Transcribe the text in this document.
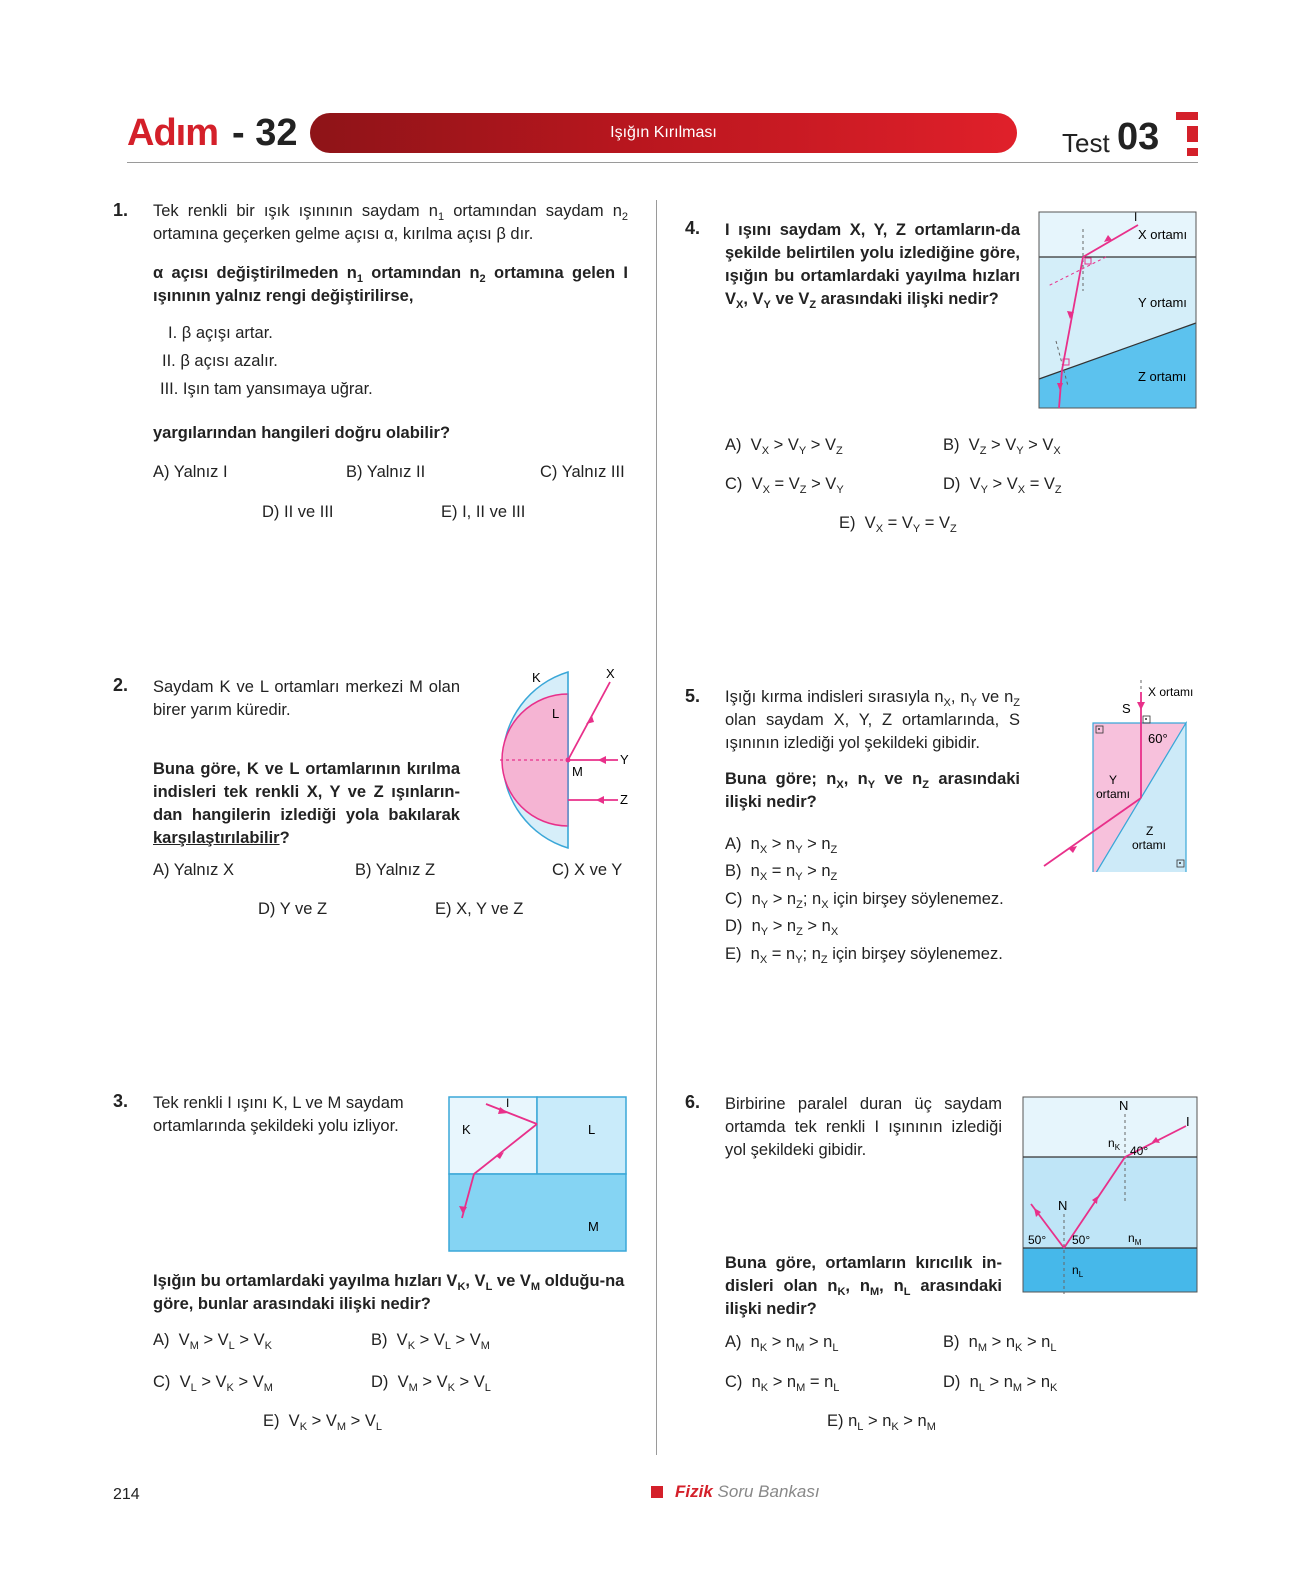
Adım - 32	Işığın Kırılması	Test 03
1. Tek renkli bir ışık ışınının saydam $n_1$ ortamından saydam $n_2$ ortamına geçerken gelme açısı α, kırılma açısı β dır.
α açısı değiştirilmeden $n_1$ ortamından $n_2$ ortamına gelen I ışınının yalnız rengi değiştirilirse,
I. β açışı artar.
II. β açısı azalır.
III. Işın tam yansımaya uğrar.
yargılarından hangileri doğru olabilir?
A) Yalnız I	B) Yalnız II	C) Yalnız III
D) II ve III	E) I, II ve III
2. Saydam K ve L ortamları merkezi M olan birer yarım küredir.
Buna göre, K ve L ortamlarının kırılma indisleri tek renkli X, Y ve Z ışınların-dan hangilerin izlediği yola bakılarak karşılaştırılabilir?
K
L
M
X
Y
Z
A) Yalnız X	B) Yalnız Z	C) X ve Y
D) Y ve Z	E) X, Y ve Z
3. Tek renkli I ışını K, L ve M saydam ortamlarında şekildeki yolu izliyor.
I
K	L
M
Işığın bu ortamlardaki yayılma hızları $V_K$, $V_L$ ve $V_M$ olduğu-na göre, bunlar arasındaki ilişki nedir?
A)  $V_M > V_L > V_K$	B)  $V_K > V_L > V_M$
C)  $V_L > V_K > V_M$	D)  $V_M > V_K > V_L$
E)  $V_K > V_M > V_L$
4. I ışını saydam X, Y, Z ortamların-da şekilde belirtilen yolu izlediğine göre, ışığın bu ortamlardaki yayılma hızları $V_X$, $V_Y$ ve $V_Z$ arasındaki ilişki nedir?
I
X ortamı
Y ortamı
Z ortamı
A)  $V_X > V_Y > V_Z$	B)  $V_Z > V_Y > V_X$
C)  $V_X = V_Z > V_Y$	D)  $V_Y > V_X = V_Z$
E)  $V_X = V_Y = V_Z$
5. Işığı kırma indisleri sırasıyla $n_X$, $n_Y$ ve $n_Z$ olan saydam X, Y, Z ortamlarında, S ışınının izlediği yol şekildeki gibidir.
Buna göre; $n_X$, $n_Y$ ve $n_Z$ arasındaki ilişki nedir?
S
X ortamı
60°
Y
ortamı
Z
ortamı
A)  $n_X > n_Y > n_Z$
B)  $n_X = n_Y > n_Z$
C)  $n_Y > n_Z$; $n_X$ için birşey söylenemez.
D)  $n_Y > n_Z > n_X$
E)  $n_X = n_Y$; $n_Z$ için birşey söylenemez.
6. Birbirine paralel duran üç saydam ortamda tek renkli I ışınının izlediği yol şekildeki gibidir.
N
N
I
$n_K$ 40°
50° 50°	$n_M$
$n_L$
Buna göre, ortamların kırıcılık in-disleri olan $n_K$, $n_M$, $n_L$ arasındaki ilişki nedir?
A)  $n_K > n_M > n_L$	B)  $n_M > n_K > n_L$
C)  $n_K > n_M = n_L$	D)  $n_L > n_M > n_K$
E) $n_L > n_K > n_M$
214	Fizik Soru Bankası
